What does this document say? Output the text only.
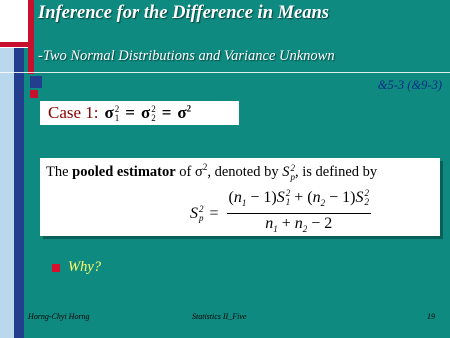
Inference for the Difference in Means
-Two Normal Distributions and Variance Unknown
&5-3 (&9-3)
Case 1: σ 2
1 = σ 2
$2 = \sigma^2$
The pooled estimator of $\sigma^2$, denoted by S 2
p , is defined by
S 2
$p = (n_1 - 1)S$ 2
$1 + (n_2 - 1)S$ 2
2
$n_1 + n_2 - 2$
Why?
Horng-Chyi Horng	Statistics II_Five	19
